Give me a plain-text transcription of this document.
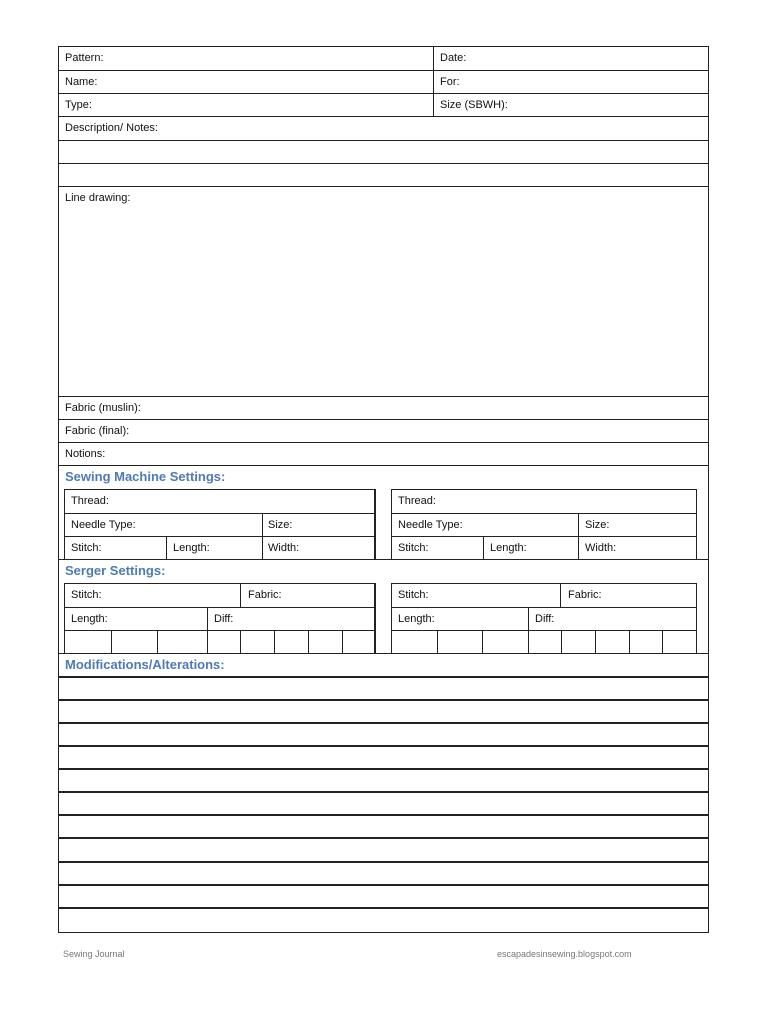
Pattern:	Date:
Name:	For:
Type:	Size (SBWH):
Description/ Notes:
Line drawing:
Fabric (muslin):
Fabric (final):
Notions:
Sewing Machine Settings:
Thread:
Needle Type:	Size:
Stitch:	Length:	Width:
Thread:
Needle Type:	Size:
Stitch:	Length:	Width:
Serger Settings:
Stitch:	Fabric:
Length:	Diff:
Stitch:	Fabric:
Length:	Diff:
Modifications/Alterations:
Sewing Journal	escapadesinsewing.blogspot.com
